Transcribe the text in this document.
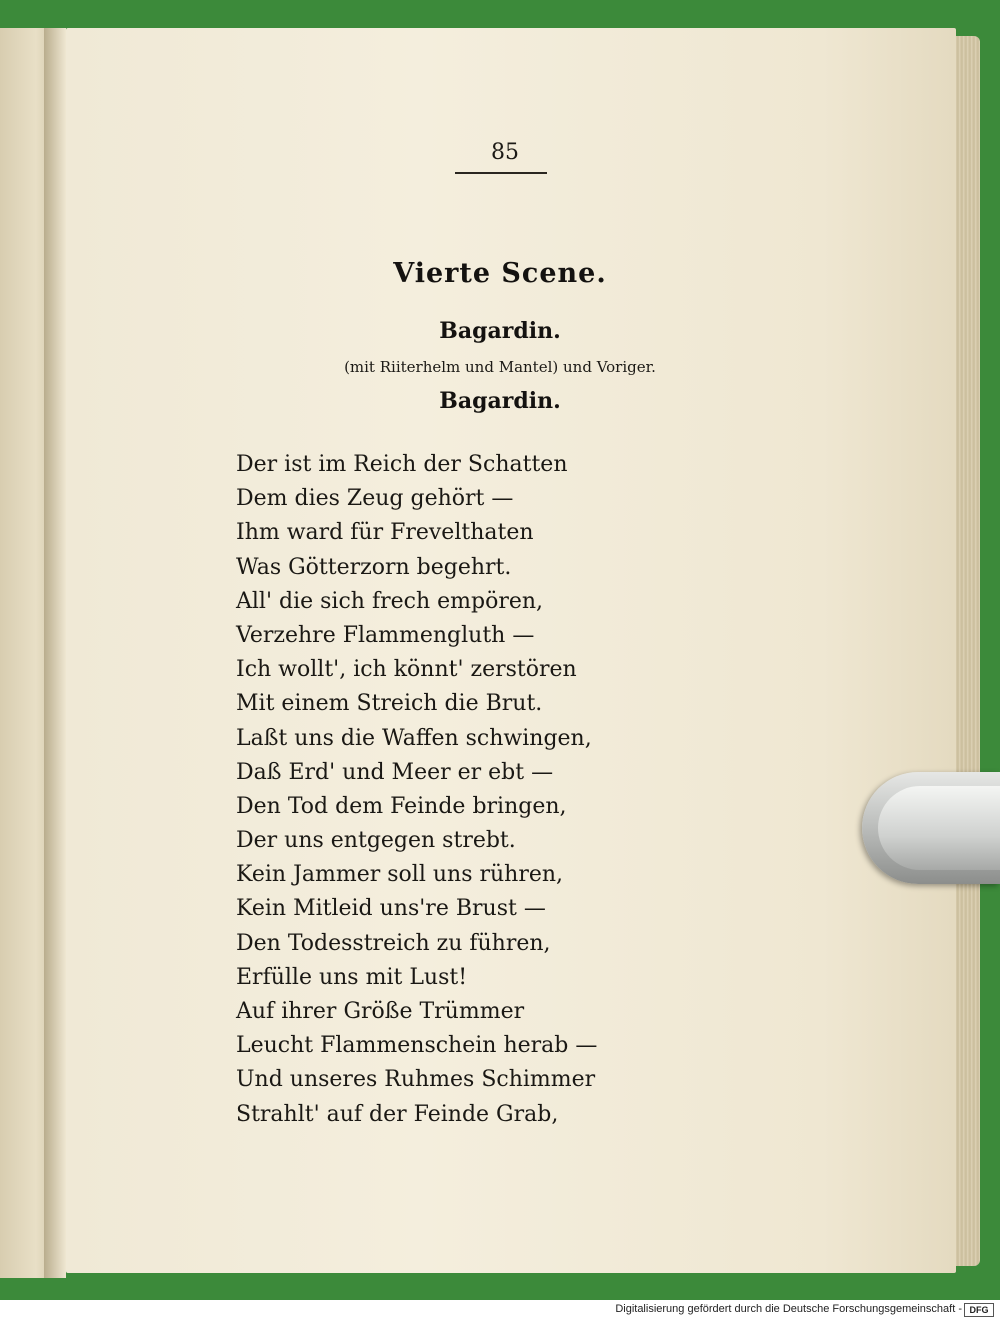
85
Vierte Scene.
Bagardin.
(mit Riiterhelm und Mantel) und Voriger.
Bagardin.
Der ist im Reich der Schatten
Dem dies Zeug gehört —
Ihm ward für Frevelthaten
Was Götterzorn begehrt.
All' die sich frech empören,
Verzehre Flammengluth —
Ich wollt', ich könnt' zerstören
Mit einem Streich die Brut.
Laßt uns die Waffen schwingen,
Daß Erd' und Meer er ebt —
Den Tod dem Feinde bringen,
Der uns entgegen strebt.
Kein Jammer soll uns rühren,
Kein Mitleid uns're Brust —
Den Todesstreich zu führen,
Erfülle uns mit Lust!
Auf ihrer Größe Trümmer
Leucht Flammenschein herab —
Und unseres Ruhmes Schimmer
Strahlt' auf der Feinde Grab,
Digitalisierung gefördert durch die Deutsche Forschungsgemeinschaft - DFG
